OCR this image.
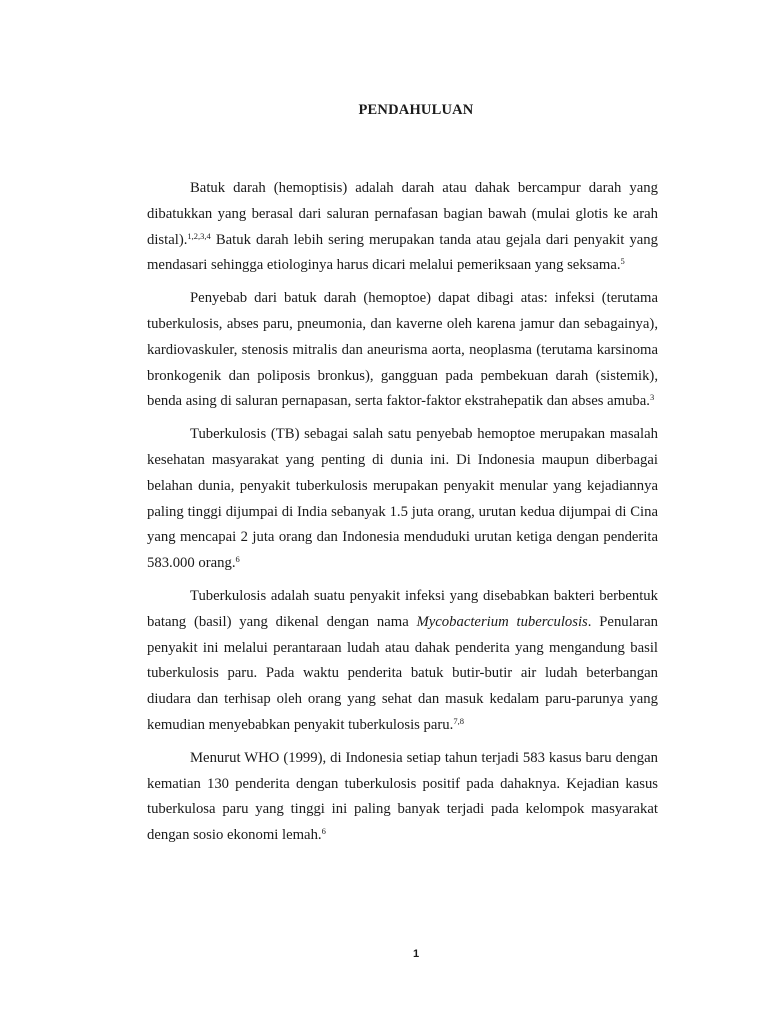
PENDAHULUAN

Batuk darah (hemoptisis) adalah darah atau dahak bercampur darah yang dibatukkan yang berasal dari saluran pernafasan bagian bawah (mulai glotis ke arah distal).$^{1,2,3,4}$ Batuk darah lebih sering merupakan tanda atau gejala dari penyakit yang mendasari sehingga etiologinya harus dicari melalui pemeriksaan yang seksama.$^5$

Penyebab dari batuk darah (hemoptoe) dapat dibagi atas: infeksi (terutama tuberkulosis, abses paru, pneumonia, dan kaverne oleh karena jamur dan sebagainya), kardiovaskuler, stenosis mitralis dan aneurisma aorta, neoplasma (terutama karsinoma bronkogenik dan poliposis bronkus), gangguan pada pembekuan darah (sistemik), benda asing di saluran pernapasan, serta faktor-faktor ekstrahepatik dan abses amuba.$^3$

Tuberkulosis (TB) sebagai salah satu penyebab hemoptoe merupakan masalah kesehatan masyarakat yang penting di dunia ini. Di Indonesia maupun diberbagai belahan dunia, penyakit tuberkulosis merupakan penyakit menular yang kejadiannya paling tinggi dijumpai di India sebanyak 1.5 juta orang, urutan kedua dijumpai di Cina yang mencapai 2 juta orang dan Indonesia menduduki urutan ketiga dengan penderita 583.000 orang.$^6$

Tuberkulosis adalah suatu penyakit infeksi yang disebabkan bakteri berbentuk batang (basil) yang dikenal dengan nama Mycobacterium tuberculosis. Penularan penyakit ini melalui perantaraan ludah atau dahak penderita yang mengandung basil tuberkulosis paru. Pada waktu penderita batuk butir-butir air ludah beterbangan diudara dan terhisap oleh orang yang sehat dan masuk kedalam paru-parunya yang kemudian menyebabkan penyakit tuberkulosis paru.$^{7,8}$

Menurut WHO (1999), di Indonesia setiap tahun terjadi 583 kasus baru dengan kematian 130 penderita dengan tuberkulosis positif pada dahaknya. Kejadian kasus tuberkulosa paru yang tinggi ini paling banyak terjadi pada kelompok masyarakat dengan sosio ekonomi lemah.$^6$

1
